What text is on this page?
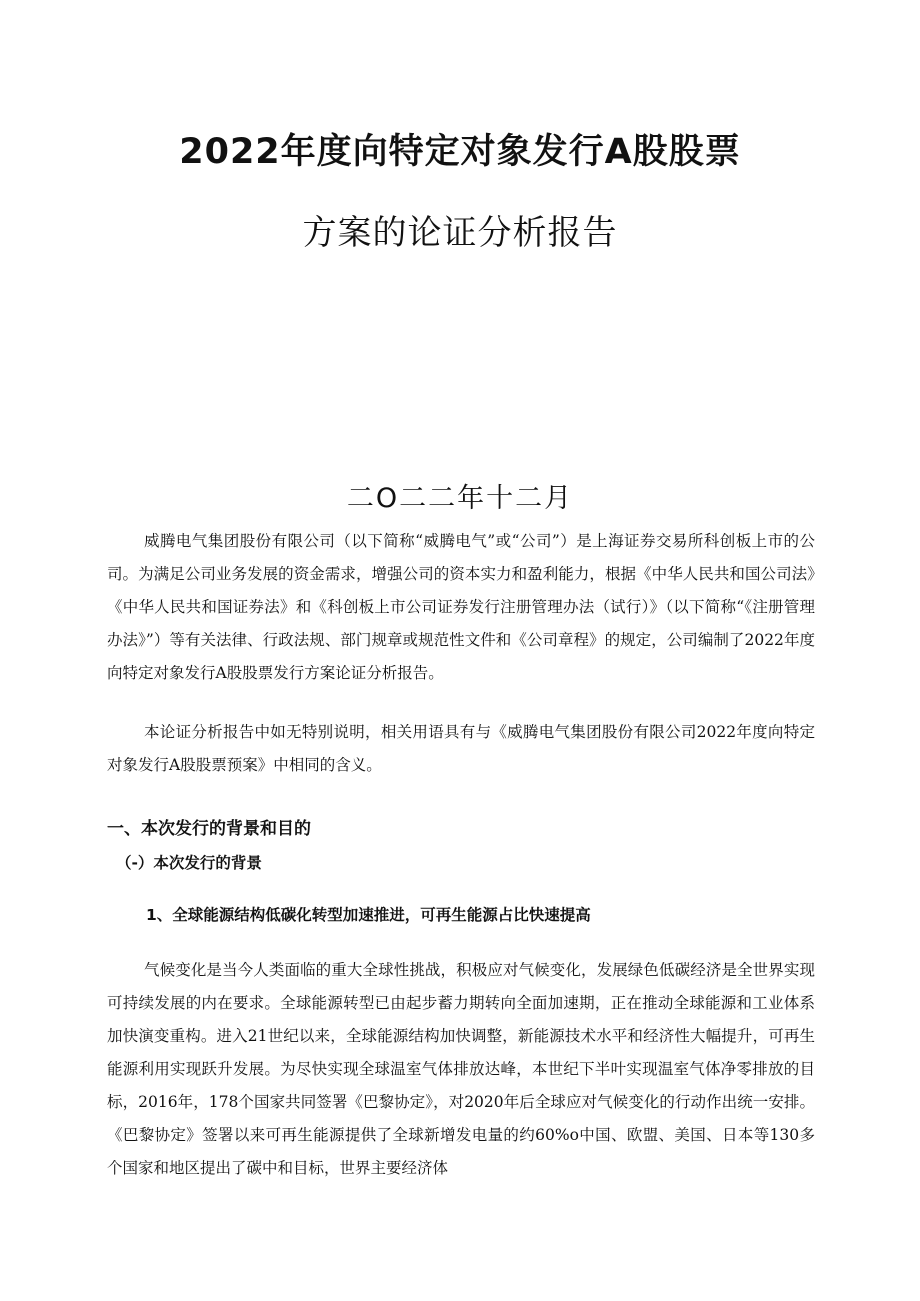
2022年度向特定对象发行A股股票
方案的论证分析报告
二O二二年十二月

威腾电气集团股份有限公司（以下简称“威腾电气”或“公司”）是上海证券交易所科创板上市的公司。为满足公司业务发展的资金需求，增强公司的资本实力和盈利能力，根据《中华人民共和国公司法》《中华人民共和国证券法》和《科创板上市公司证券发行注册管理办法（试行）》（以下简称“《注册管理办法》”）等有关法律、行政法规、部门规章或规范性文件和《公司章程》的规定，公司编制了2022年度向特定对象发行A股股票发行方案论证分析报告。

本论证分析报告中如无特别说明，相关用语具有与《威腾电气集团股份有限公司2022年度向特定对象发行A股股票预案》中相同的含义。

一、本次发行的背景和目的
（-）本次发行的背景
1、全球能源结构低碳化转型加速推进，可再生能源占比快速提高

气候变化是当今人类面临的重大全球性挑战，积极应对气候变化，发展绿色低碳经济是全世界实现可持续发展的内在要求。全球能源转型已由起步蓄力期转向全面加速期，正在推动全球能源和工业体系加快演变重构。进入21世纪以来，全球能源结构加快调整，新能源技术水平和经济性大幅提升，可再生能源利用实现跃升发展。为尽快实现全球温室气体排放达峰，本世纪下半叶实现温室气体净零排放的目标，2016年，178个国家共同签署《巴黎协定》，对2020年后全球应对气候变化的行动作出统一安排。《巴黎协定》签署以来可再生能源提供了全球新增发电量的约60%o中国、欧盟、美国、日本等130多个国家和地区提出了碳中和目标，世界主要经济体
